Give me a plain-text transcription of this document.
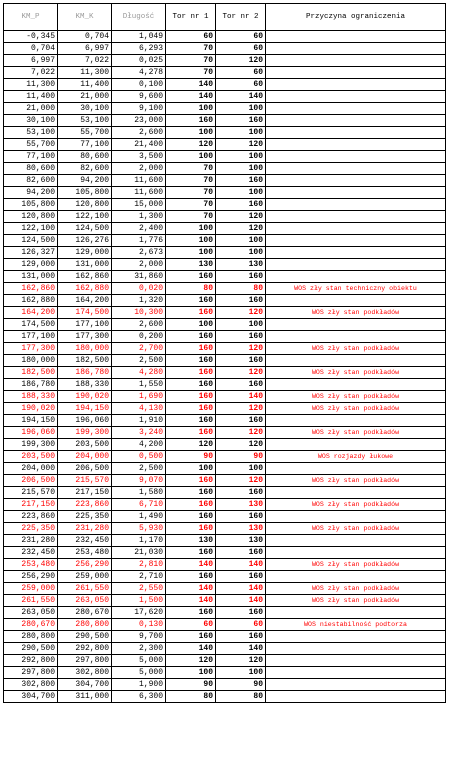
KM_P	KM_K	Długość	Tor nr 1	Tor nr 2	Przyczyna ograniczenia
-0,345	0,704	1,049	60	60	
0,704	6,997	6,293	70	60	
6,997	7,022	0,025	70	120	
7,022	11,300	4,278	70	60	
11,300	11,400	0,100	140	60	
11,400	21,000	9,600	140	140	
21,000	30,100	9,100	100	100	
30,100	53,100	23,000	160	160	
53,100	55,700	2,600	100	100	
55,700	77,100	21,400	120	120	
77,100	80,600	3,500	100	100	
80,600	82,600	2,000	70	100	
82,600	94,200	11,600	70	160	
94,200	105,800	11,600	70	100	
105,800	120,800	15,000	70	160	
120,800	122,100	1,300	70	120	
122,100	124,500	2,400	100	120	
124,500	126,276	1,776	100	100	
126,327	129,000	2,673	100	100	
129,000	131,000	2,000	130	130	
131,000	162,860	31,860	160	160	
162,860	162,880	0,020	80	80	WOS zły stan techniczny obiektu
162,880	164,200	1,320	160	160	
164,200	174,500	10,300	160	120	WOS zły stan podkładów
174,500	177,100	2,600	100	100	
177,100	177,300	0,200	160	160	
177,300	180,000	2,700	160	120	WOS zły stan podkładów
180,000	182,500	2,500	160	160	
182,500	186,780	4,280	160	120	WOS zły stan podkładów
186,780	188,330	1,550	160	160	
188,330	190,020	1,690	160	140	WOS zły stan podkładów
190,020	194,150	4,130	160	120	WOS zły stan podkładów
194,150	196,060	1,910	160	160	
196,060	199,300	3,240	160	120	WOS zły stan podkładów
199,300	203,500	4,200	120	120	
203,500	204,000	0,500	90	90	WOS rozjazdy łukowe
204,000	206,500	2,500	100	100	
206,500	215,570	9,070	160	120	WOS zły stan podkładów
215,570	217,150	1,580	160	160	
217,150	223,860	6,710	160	130	WOS zły stan podkładów
223,860	225,350	1,490	160	160	
225,350	231,280	5,930	160	130	WOS zły stan podkładów
231,280	232,450	1,170	130	130	
232,450	253,480	21,030	160	160	
253,480	256,290	2,810	140	140	WOS zły stan podkładów
256,290	259,000	2,710	160	160	
259,000	261,550	2,550	140	140	WOS zły stan podkładów
261,550	263,050	1,500	140	140	WOS zły stan podkładów
263,050	280,670	17,620	160	160	
280,670	280,800	0,130	60	60	WOS niestabilność podtorza
280,800	290,500	9,700	160	160	
290,500	292,800	2,300	140	140	
292,800	297,800	5,000	120	120	
297,800	302,800	5,000	100	100	
302,800	304,700	1,900	90	90	
304,700	311,000	6,300	80	80	
